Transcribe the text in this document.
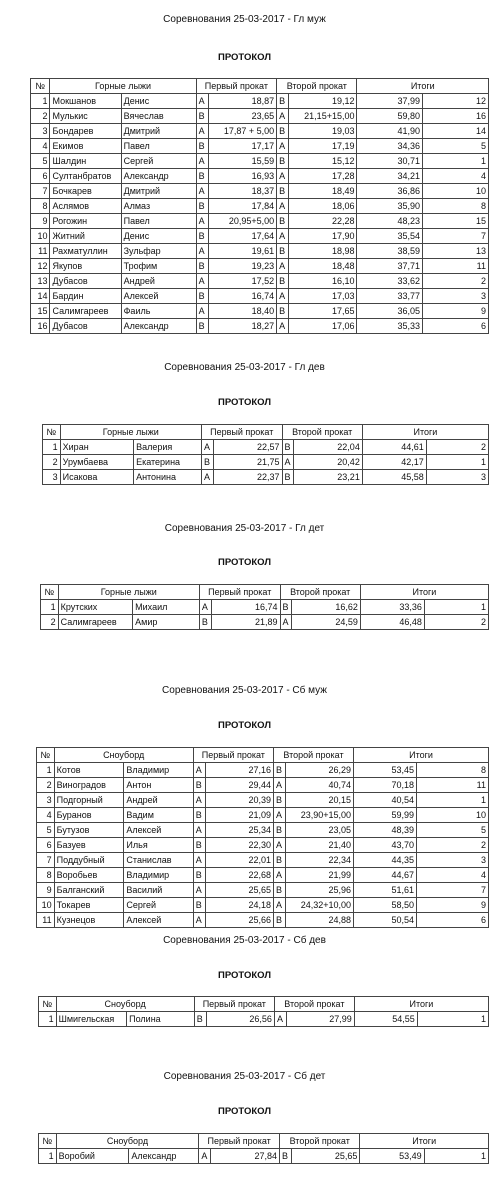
Соревнования 25-03-2017 - Гл муж
ПРОТОКОЛ
№	Горные лыжи		Первый прокат		Второй прокат		Итоги	
1	Мокшанов	Денис	A	18,87	B	19,12	37,99	12
2	Мулькис	Вячеслав	B	23,65	A	21,15+15,00	59,80	16
3	Бондарев	Дмитрий	A	17,87 + 5,00	B	19,03	41,90	14
4	Екимов	Павел	B	17,17	A	17,19	34,36	5
5	Шалдин	Сергей	A	15,59	B	15,12	30,71	1
6	Султанбратов	Александр	B	16,93	A	17,28	34,21	4
7	Бочкарев	Дмитрий	A	18,37	B	18,49	36,86	10
8	Аслямов	Алмаз	B	17,84	A	18,06	35,90	8
9	Рогожин	Павел	A	20,95+5,00	B	22,28	48,23	15
10	Житний	Денис	B	17,64	A	17,90	35,54	7
11	Рахматуллин	Зульфар	A	19,61	B	18,98	38,59	13
12	Якупов	Трофим	B	19,23	A	18,48	37,71	11
13	Дубасов	Андрей	A	17,52	B	16,10	33,62	2
14	Бардин	Алексей	B	16,74	A	17,03	33,77	3
15	Салимгареев	Фаиль	A	18,40	B	17,65	36,05	9
16	Дубасов	Александр	B	18,27	A	17,06	35,33	6
Соревнования 25-03-2017 - Гл дев
ПРОТОКОЛ
№	Горные лыжи		Первый прокат		Второй прокат		Итоги	
1	Хиран	Валерия	A	22,57	B	22,04	44,61	2
2	Урумбаева	Екатерина	B	21,75	A	20,42	42,17	1
3	Исакова	Антонина	A	22,37	B	23,21	45,58	3
Соревнования 25-03-2017 - Гл дет
ПРОТОКОЛ
№	Горные лыжи		Первый прокат		Второй прокат		Итоги	
1	Крутских	Михаил	A	16,74	B	16,62	33,36	1
2	Салимгареев	Амир	B	21,89	A	24,59	46,48	2
Соревнования 25-03-2017 - Сб муж
ПРОТОКОЛ
№	Сноуборд		Первый прокат		Второй прокат		Итоги	
1	Котов	Владимир	A	27,16	B	26,29	53,45	8
2	Виноградов	Антон	B	29,44	A	40,74	70,18	11
3	Подгорный	Андрей	A	20,39	B	20,15	40,54	1
4	Буранов	Вадим	B	21,09	A	23,90+15,00	59,99	10
5	Бутузов	Алексей	A	25,34	B	23,05	48,39	5
6	Базуев	Илья	B	22,30	A	21,40	43,70	2
7	Поддубный	Станислав	A	22,01	B	22,34	44,35	3
8	Воробьев	Владимир	B	22,68	A	21,99	44,67	4
9	Балганский	Василий	A	25,65	B	25,96	51,61	7
10	Токарев	Сергей	B	24,18	A	24,32+10,00	58,50	9
11	Кузнецов	Алексей	A	25,66	B	24,88	50,54	6
Соревнования 25-03-2017 - Сб дев
ПРОТОКОЛ
№	Сноуборд		Первый прокат		Второй прокат		Итоги	
1	Шмигельская	Полина	B	26,56	A	27,99	54,55	1
Соревнования 25-03-2017 - Сб дет
ПРОТОКОЛ
№	Сноуборд		Первый прокат		Второй прокат		Итоги	
1	Воробий	Александр	A	27,84	B	25,65	53,49	1
